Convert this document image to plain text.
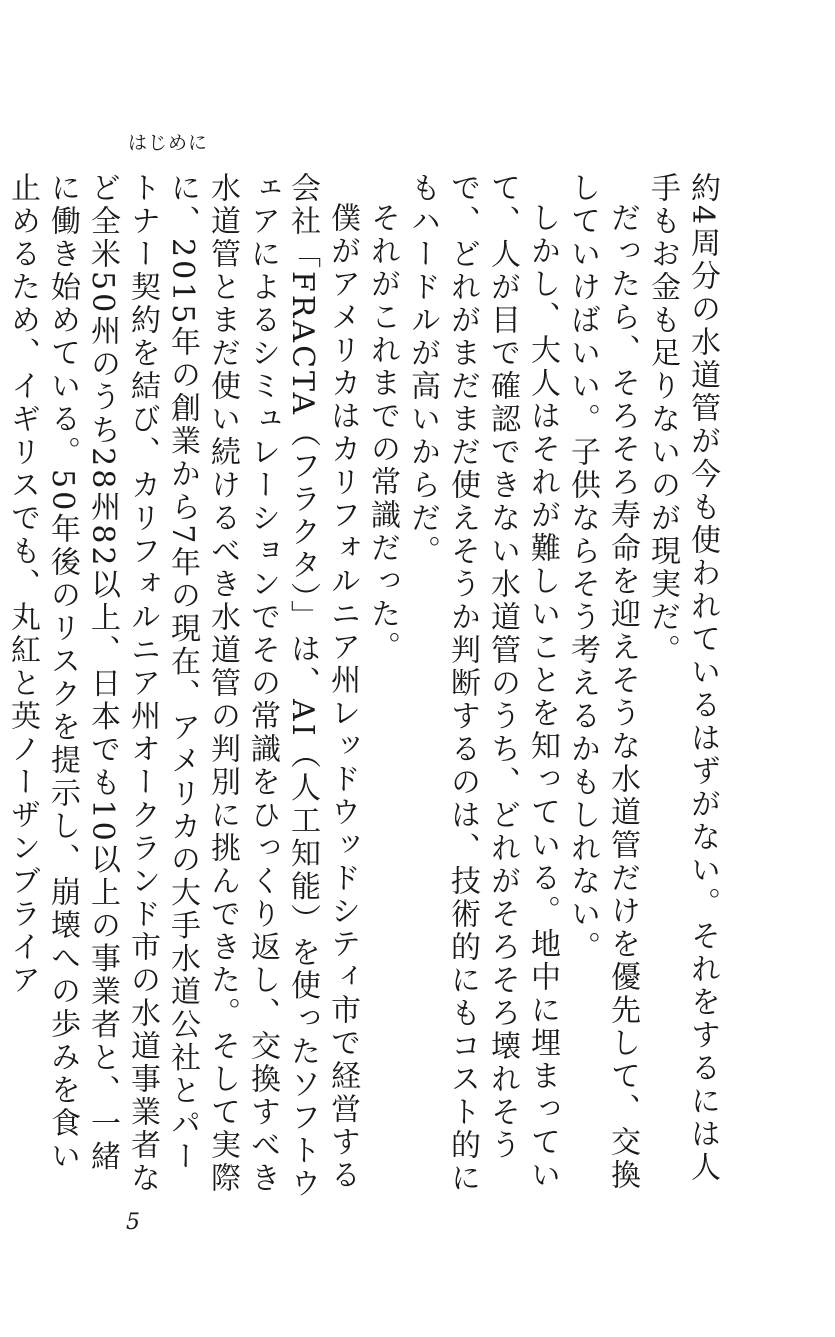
はじめに

約4周分の水道管が今も使われているはずがない。それをするには人手もお金も足りないのが現実だ。

だったら、そろそろ寿命を迎えそうな水道管だけを優先して、交換していけばいい。子供ならそう考えるかもしれない。

しかし、大人はそれが難しいことを知っている。地中に埋まっていて、人が目で確認できない水道管のうち、どれがそろそろ壊れそうで、どれがまだまだ使えそうか判断するのは、技術的にもコスト的にもハードルが高いからだ。

それがこれまでの常識だった。

僕がアメリカはカリフォルニア州レッドウッドシティ市で経営する会社「FRACTA（フラクタ）」は、AI（人工知能）を使ったソフトウェアによるシミュレーションでその常識をひっくり返し、交換すべき水道管とまだ使い続けるべき水道管の判別に挑んできた。そして実際に、2015年の創業から7年の現在、アメリカの大手水道公社とパートナー契約を結び、カリフォルニア州オークランド市の水道事業者など全米50州のうち28州82以上、日本でも10以上の事業者と、一緒に働き始めている。50年後のリスクを提示し、崩壊への歩みを食い止めるため、イギリスでも、丸紅と英ノーザンブライア

5
